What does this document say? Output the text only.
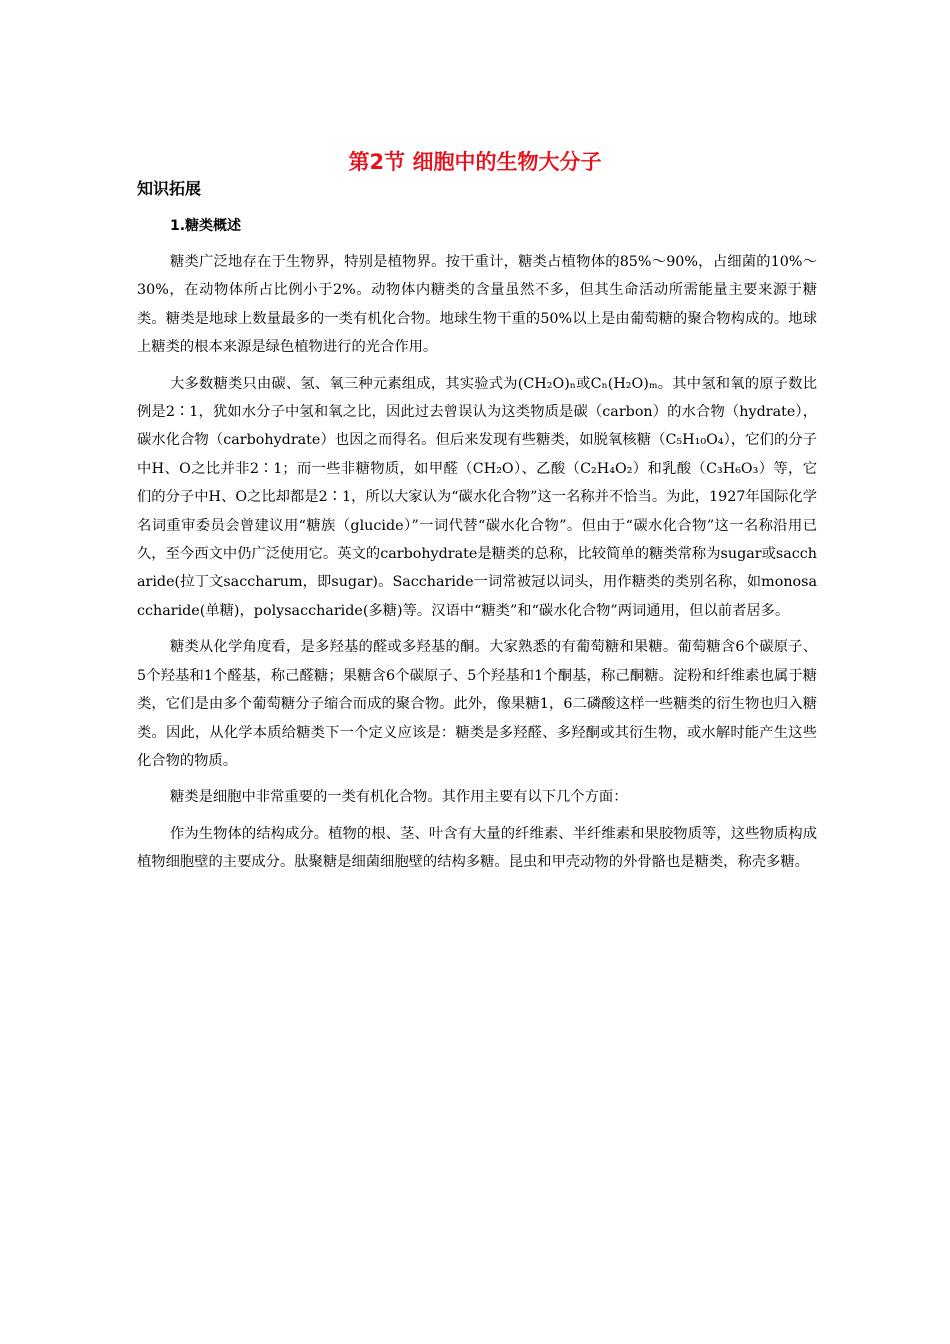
第2节 细胞中的生物大分子
知识拓展
1.糖类概述

糖类广泛地存在于生物界，特别是植物界。按干重计，糖类占植物体的85%～90%，占细菌的10%～30%，在动物体所占比例小于2%。动物体内糖类的含量虽然不多，但其生命活动所需能量主要来源于糖类。糖类是地球上数量最多的一类有机化合物。地球生物干重的50%以上是由葡萄糖的聚合物构成的。地球上糖类的根本来源是绿色植物进行的光合作用。

大多数糖类只由碳、氢、氧三种元素组成，其实验式为(CH₂O)ₙ或Cₙ(H₂O)ₘ。其中氢和氧的原子数比例是2∶1，犹如水分子中氢和氧之比，因此过去曾误认为这类物质是碳（carbon）的水合物（hydrate），碳水化合物（carbohydrate）也因之而得名。但后来发现有些糖类，如脱氧核糖（C₅H₁₀O₄），它们的分子中H、O之比并非2∶1；而一些非糖物质，如甲醛（CH₂O）、乙酸（C₂H₄O₂）和乳酸（C₃H₆O₃）等，它们的分子中H、O之比却都是2∶1，所以大家认为“碳水化合物”这一名称并不恰当。为此，1927年国际化学名词重审委员会曾建议用“糖族（glucide）”一词代替“碳水化合物”。但由于“碳水化合物”这一名称沿用已久，至今西文中仍广泛使用它。英文的carbohydrate是糖类的总称，比较简单的糖类常称为sugar或saccharide(拉丁文saccharum，即sugar)。Saccharide一词常被冠以词头，用作糖类的类别名称，如monosaccharide(单糖)，polysaccharide(多糖)等。汉语中“糖类”和“碳水化合物”两词通用，但以前者居多。

糖类从化学角度看，是多羟基的醛或多羟基的酮。大家熟悉的有葡萄糖和果糖。葡萄糖含6个碳原子、5个羟基和1个醛基，称己醛糖；果糖含6个碳原子、5个羟基和1个酮基，称己酮糖。淀粉和纤维素也属于糖类，它们是由多个葡萄糖分子缩合而成的聚合物。此外，像果糖1，6二磷酸这样一些糖类的衍生物也归入糖类。因此，从化学本质给糖类下一个定义应该是：糖类是多羟醛、多羟酮或其衍生物，或水解时能产生这些化合物的物质。

糖类是细胞中非常重要的一类有机化合物。其作用主要有以下几个方面：

作为生物体的结构成分。植物的根、茎、叶含有大量的纤维素、半纤维素和果胶物质等，这些物质构成植物细胞壁的主要成分。肽聚糖是细菌细胞壁的结构多糖。昆虫和甲壳动物的外骨骼也是糖类，称壳多糖。
